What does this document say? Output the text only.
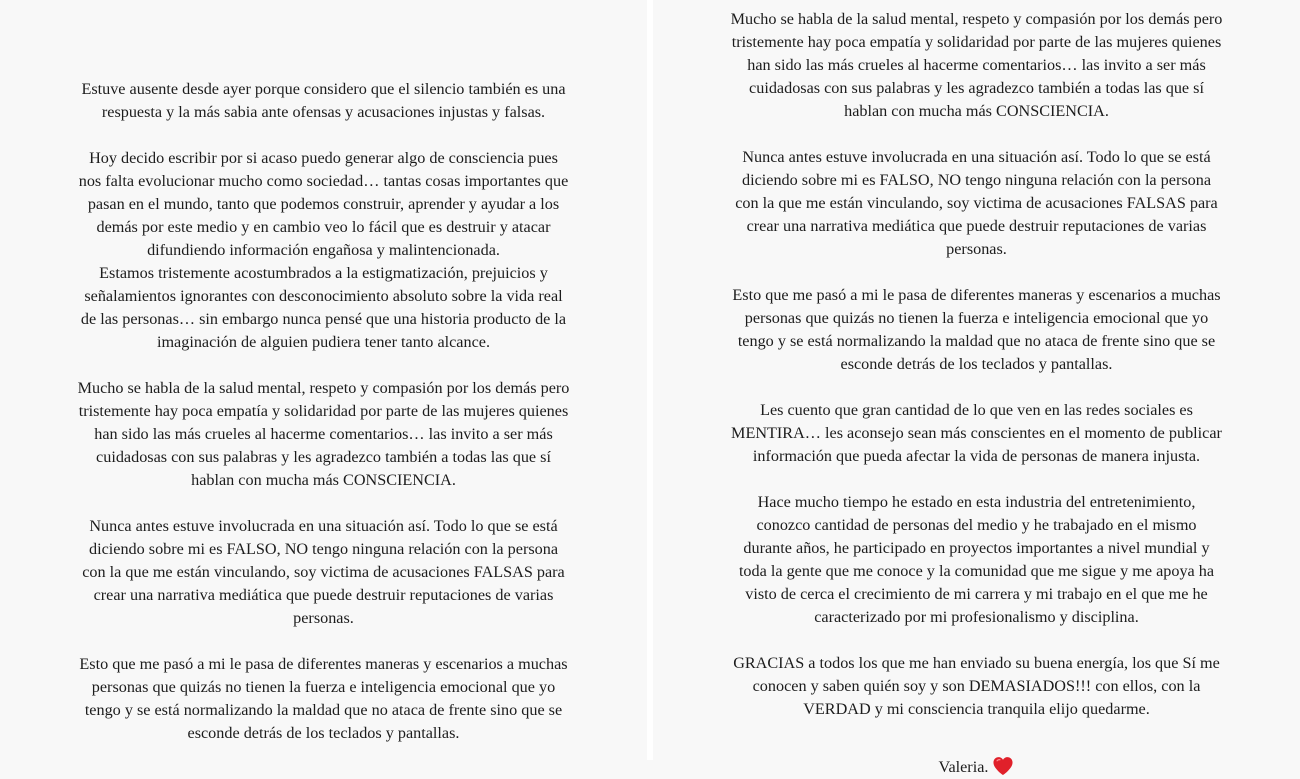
Estuve ausente desde ayer porque considero que el silencio también es una
respuesta y la más sabia ante ofensas y acusaciones injustas y falsas.

Hoy decido escribir por si acaso puedo generar algo de consciencia pues
nos falta evolucionar mucho como sociedad… tantas cosas importantes que
pasan en el mundo, tanto que podemos construir, aprender y ayudar a los
demás por este medio y en cambio veo lo fácil que es destruir y atacar
difundiendo información engañosa y malintencionada.
Estamos tristemente acostumbrados a la estigmatización, prejuicios y
señalamientos ignorantes con desconocimiento absoluto sobre la vida real
de las personas… sin embargo nunca pensé que una historia producto de la
imaginación de alguien pudiera tener tanto alcance.

Mucho se habla de la salud mental, respeto y compasión por los demás pero
tristemente hay poca empatía y solidaridad por parte de las mujeres quienes
han sido las más crueles al hacerme comentarios… las invito a ser más
cuidadosas con sus palabras y les agradezco también a todas las que sí
hablan con mucha más CONSCIENCIA.

Nunca antes estuve involucrada en una situación así. Todo lo que se está
diciendo sobre mi es FALSO, NO tengo ninguna relación con la persona
con la que me están vinculando, soy victima de acusaciones FALSAS para
crear una narrativa mediática que puede destruir reputaciones de varias
personas.

Esto que me pasó a mi le pasa de diferentes maneras y escenarios a muchas
personas que quizás no tienen la fuerza e inteligencia emocional que yo
tengo y se está normalizando la maldad que no ataca de frente sino que se
esconde detrás de los teclados y pantallas.

Mucho se habla de la salud mental, respeto y compasión por los demás pero
tristemente hay poca empatía y solidaridad por parte de las mujeres quienes
han sido las más crueles al hacerme comentarios… las invito a ser más
cuidadosas con sus palabras y les agradezco también a todas las que sí
hablan con mucha más CONSCIENCIA.

Nunca antes estuve involucrada en una situación así. Todo lo que se está
diciendo sobre mi es FALSO, NO tengo ninguna relación con la persona
con la que me están vinculando, soy victima de acusaciones FALSAS para
crear una narrativa mediática que puede destruir reputaciones de varias
personas.

Esto que me pasó a mi le pasa de diferentes maneras y escenarios a muchas
personas que quizás no tienen la fuerza e inteligencia emocional que yo
tengo y se está normalizando la maldad que no ataca de frente sino que se
esconde detrás de los teclados y pantallas.

Les cuento que gran cantidad de lo que ven en las redes sociales es
MENTIRA… les aconsejo sean más conscientes en el momento de publicar
información que pueda afectar la vida de personas de manera injusta.

Hace mucho tiempo he estado en esta industria del entretenimiento,
conozco cantidad de personas del medio y he trabajado en el mismo
durante años, he participado en proyectos importantes a nivel mundial y
toda la gente que me conoce y la comunidad que me sigue y me apoya ha
visto de cerca el crecimiento de mi carrera y mi trabajo en el que me he
caracterizado por mi profesionalismo y disciplina.

GRACIAS a todos los que me han enviado su buena energía, los que Sí me
conocen y saben quién soy y son DEMASIADOS!!! con ellos, con la
VERDAD y mi consciencia tranquila elijo quedarme.

Valeria.
